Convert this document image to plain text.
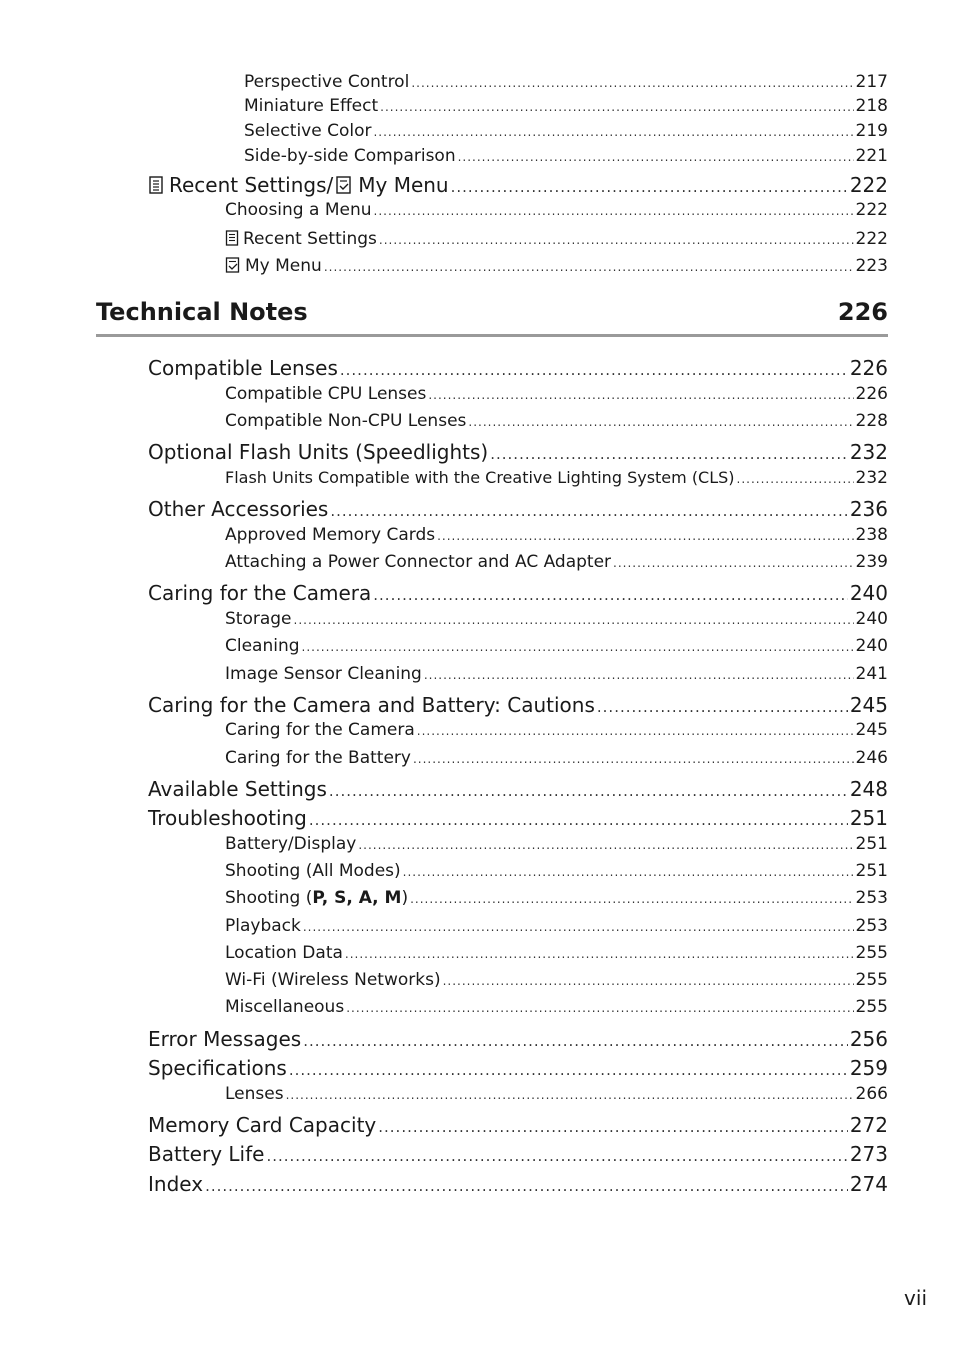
Perspective Control .....	217
Miniature Effect .....	218
Selective Color .....	219
Side-by-side Comparison .....	221
Recent Settings/ My Menu .....	222
Choosing a Menu .....	222
Recent Settings .....	222
My Menu .....	223
Technical Notes	226
Compatible Lenses .....	226
Compatible CPU Lenses .....	226
Compatible Non-CPU Lenses .....	228
Optional Flash Units (Speedlights) .....	232
Flash Units Compatible with the Creative Lighting System (CLS) .....	232
Other Accessories .....	236
Approved Memory Cards .....	238
Attaching a Power Connector and AC Adapter .....	239
Caring for the Camera .....	240
Storage .....	240
Cleaning .....	240
Image Sensor Cleaning .....	241
Caring for the Camera and Battery: Cautions .....	245
Caring for the Camera .....	245
Caring for the Battery .....	246
Available Settings .....	248
Troubleshooting .....	251
Battery/Display .....	251
Shooting (All Modes) .....	251
Shooting (P, S, A, M) .....	253
Playback .....	253
Location Data .....	255
Wi-Fi (Wireless Networks) .....	255
Miscellaneous .....	255
Error Messages .....	256
Specifications .....	259
Lenses .....	266
Memory Card Capacity .....	272
Battery Life .....	273
Index .....	274
vii
